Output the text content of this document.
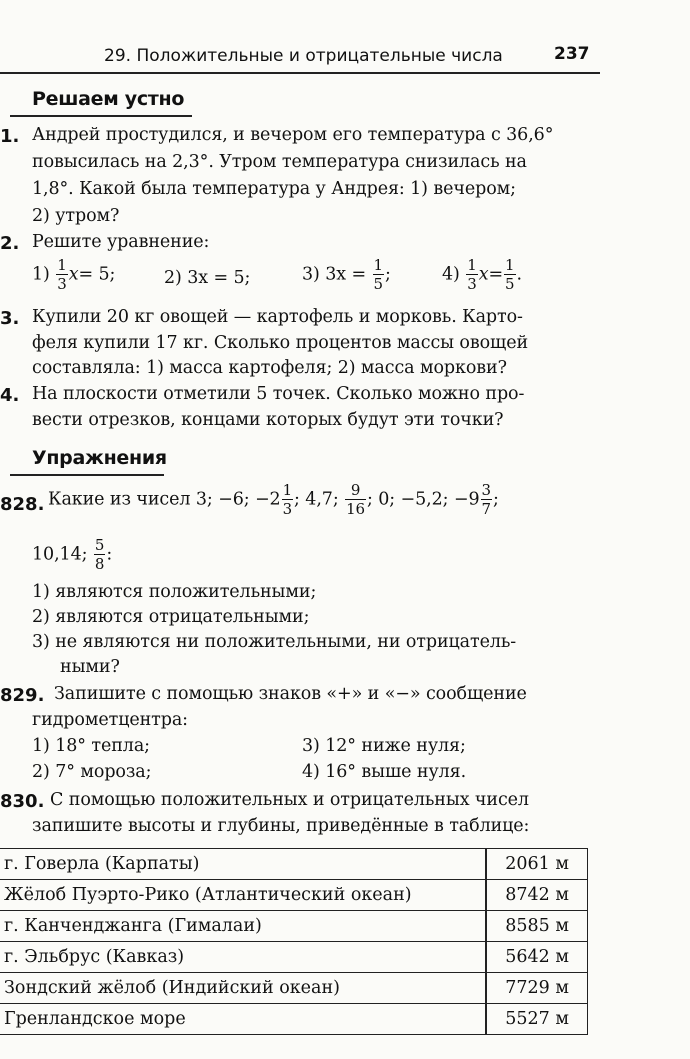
29. Положительные и отрицательные числа	237
Решаем устно
1. Андрей простудился, и вечером его температура с 36,6°
повысилась на 2,3°. Утром температура снизилась на
1,8°. Какой была температура у Андрея: 1) вечером;
2) утром?
2. Решите уравнение:
$1) \frac{1}{3} x= 5$;	2) 3x = 5;	3) $3x = \frac{1}{5}$ ;	$4) \frac{1}{3} x= \frac{1}{5}$ .
3. Купили 20 кг овощей — картофель и морковь. Карто-
феля купили 17 кг. Сколько процентов массы овощей
составляла: 1) масса картофеля; 2) масса моркови?
4. На плоскости отметили 5 точек. Сколько можно про-
вести отрезков, концами которых будут эти точки?
Упражнения
828. Какие из чисел 3; −6; $-2 \frac{1}{3}$ ; 4,7; $\frac{9}{16}$ ; 0; −5,2; $-9 \frac{3}{7}$ ;
10,14; $\frac{5}{8}$ :
1) являются положительными;
2) являются отрицательными;
3) не являются ни положительными, ни отрицатель-
ными?
829. Запишите с помощью знаков «+» и «−» сообщение
гидрометцентра:
1) 18° тепла;	3) 12° ниже нуля;
2) 7° мороза;	4) 16° выше нуля.
830. С помощью положительных и отрицательных чисел
запишите высоты и глубины, приведённые в таблице:
г. Говерла (Карпаты)	2061 м
Жёлоб Пуэрто-Рико (Атлантический океан)	8742 м
г. Канченджанга (Гималаи)	8585 м
г. Эльбрус (Кавказ)	5642 м
Зондский жёлоб (Индийский океан)	7729 м
Гренландское море	5527 м
